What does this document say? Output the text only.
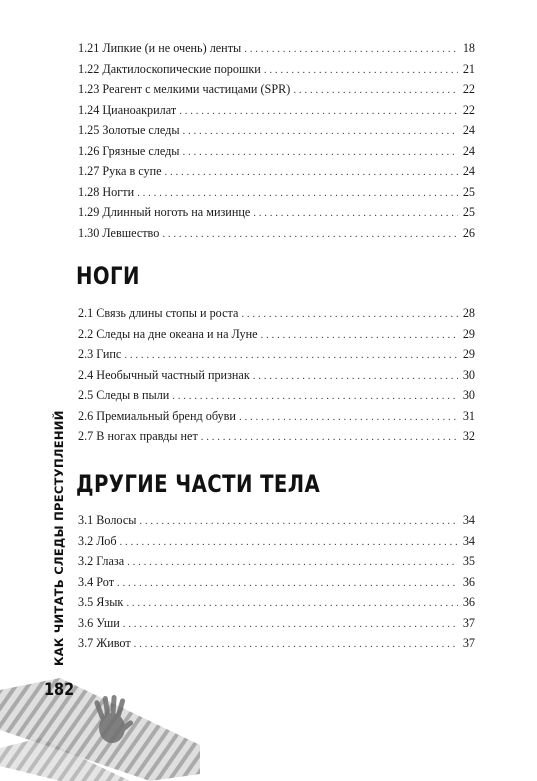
1.21 Липкие (и не очень) ленты . . .	18
1.22 Дактилоскопические порошки . . .	21
1.23 Реагент с мелкими частицами (SPR) . . .	22
1.24 Цианоакрилат . . .	22
1.25 Золотые следы . . .	24
1.26 Грязные следы . . .	24
1.27 Рука в супе . . .	24
1.28 Ногти . . .	25
1.29 Длинный ноготь на мизинце . . .	25
1.30 Левшество . . .	26
НОГИ
2.1 Связь длины стопы и роста . . .	28
2.2 Следы на дне океана и на Луне . . .	29
2.3 Гипс . . .	29
2.4 Необычный частный признак . . .	30
2.5 Следы в пыли . . .	30
2.6 Премиальный бренд обуви . . .	31
2.7 В ногах правды нет . . .	32
ДРУГИЕ ЧАСТИ ТЕЛА
3.1 Волосы . . .	34
3.2 Лоб . . .	34
3.2 Глаза . . .	35
3.4 Рот . . .	36
3.5 Язык . . .	36
3.6 Уши . . .	37
3.7 Живот . . .	37
КАК ЧИТАТЬ СЛЕДЫ ПРЕСТУПЛЕНИЙ
182
